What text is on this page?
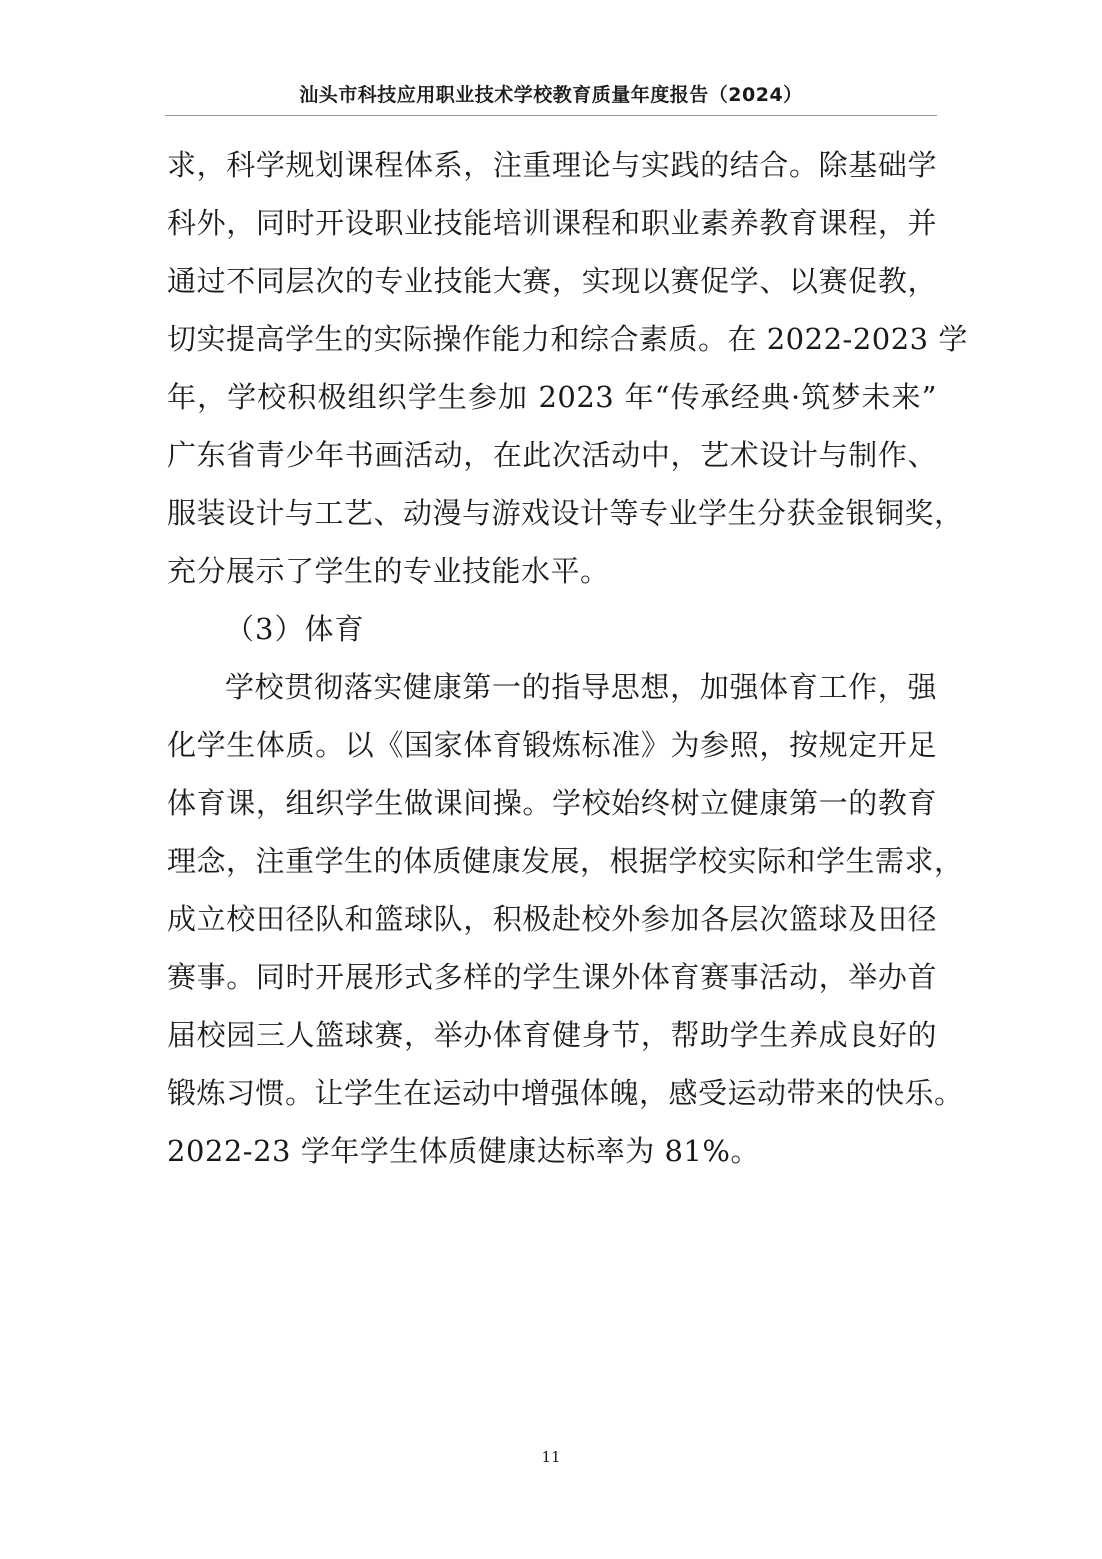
汕头市科技应用职业技术学校教育质量年度报告（2024）
求，科学规划课程体系，注重理论与实践的结合。除基础学
科外，同时开设职业技能培训课程和职业素养教育课程，并
通过不同层次的专业技能大赛，实现以赛促学、以赛促教，
切实提高学生的实际操作能力和综合素质。在 2022-2023 学
年，学校积极组织学生参加 2023 年“传承经典·筑梦未来”
广东省青少年书画活动，在此次活动中，艺术设计与制作、
服装设计与工艺、动漫与游戏设计等专业学生分获金银铜奖，
充分展示了学生的专业技能水平。
（3）体育
学校贯彻落实健康第一的指导思想，加强体育工作，强
化学生体质。以《国家体育锻炼标准》为参照，按规定开足
体育课，组织学生做课间操。学校始终树立健康第一的教育
理念，注重学生的体质健康发展，根据学校实际和学生需求，
成立校田径队和篮球队，积极赴校外参加各层次篮球及田径
赛事。同时开展形式多样的学生课外体育赛事活动，举办首
届校园三人篮球赛，举办体育健身节，帮助学生养成良好的
锻炼习惯。让学生在运动中增强体魄，感受运动带来的快乐。
2022-23 学年学生体质健康达标率为 81%。
11
